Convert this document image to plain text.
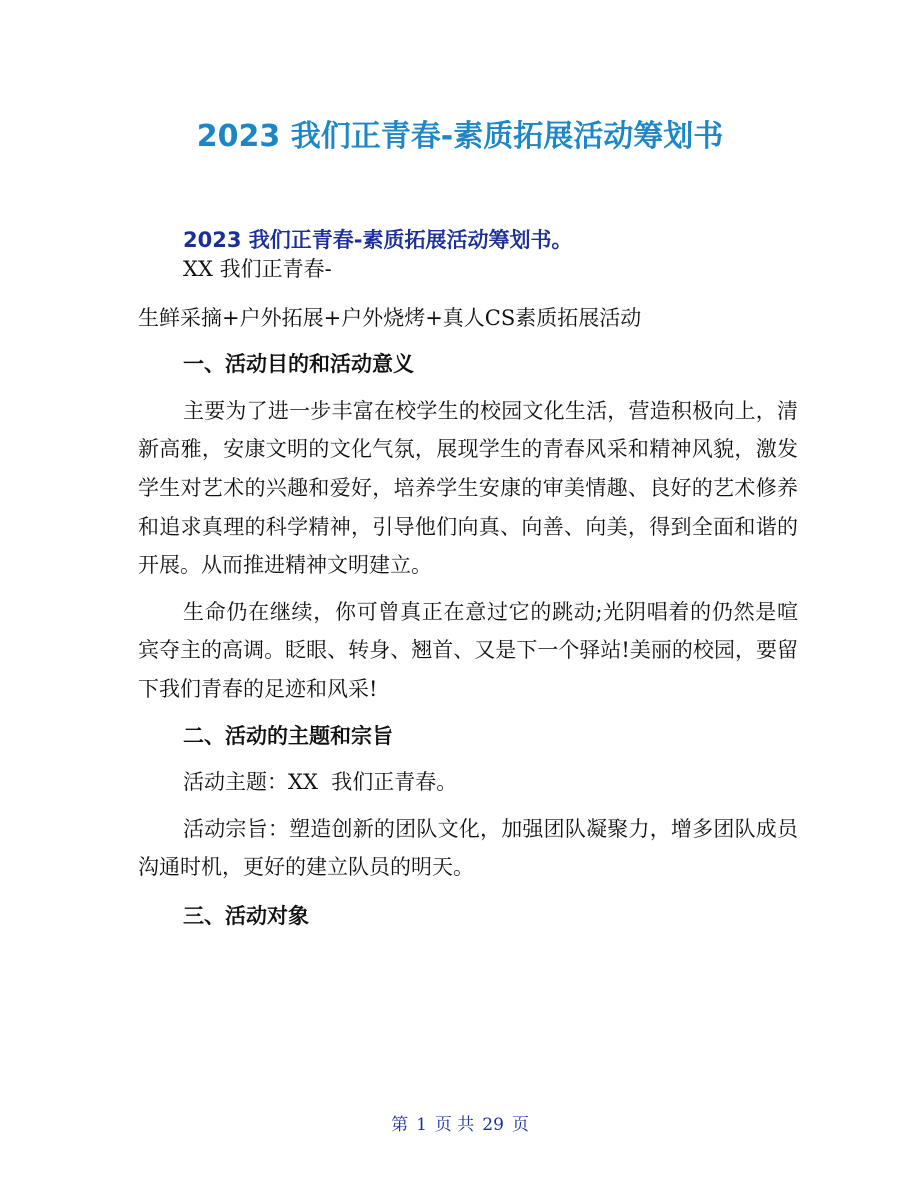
2023 我们正青春-素质拓展活动筹划书
2023 我们正青春-素质拓展活动筹划书。

XX 我们正青春-

生鲜采摘+户外拓展+户外烧烤+真人CS素质拓展活动

一、活动目的和活动意义

主要为了进一步丰富在校学生的校园文化生活，营造积极向上，清新高雅，安康文明的文化气氛，展现学生的青春风采和精神风貌，激发学生对艺术的兴趣和爱好，培养学生安康的审美情趣、良好的艺术修养和追求真理的科学精神，引导他们向真、向善、向美，得到全面和谐的开展。从而推进精神文明建立。

生命仍在继续，你可曾真正在意过它的跳动;光阴唱着的仍然是喧宾夺主的高调。眨眼、转身、翘首、又是下一个驿站!美丽的校园，要留下我们青春的足迹和风采!

二、活动的主题和宗旨

活动主题：XX  我们正青春。

活动宗旨：塑造创新的团队文化，加强团队凝聚力，增多团队成员沟通时机，更好的建立队员的明天。

三、活动对象

第 1 页 共 29 页
